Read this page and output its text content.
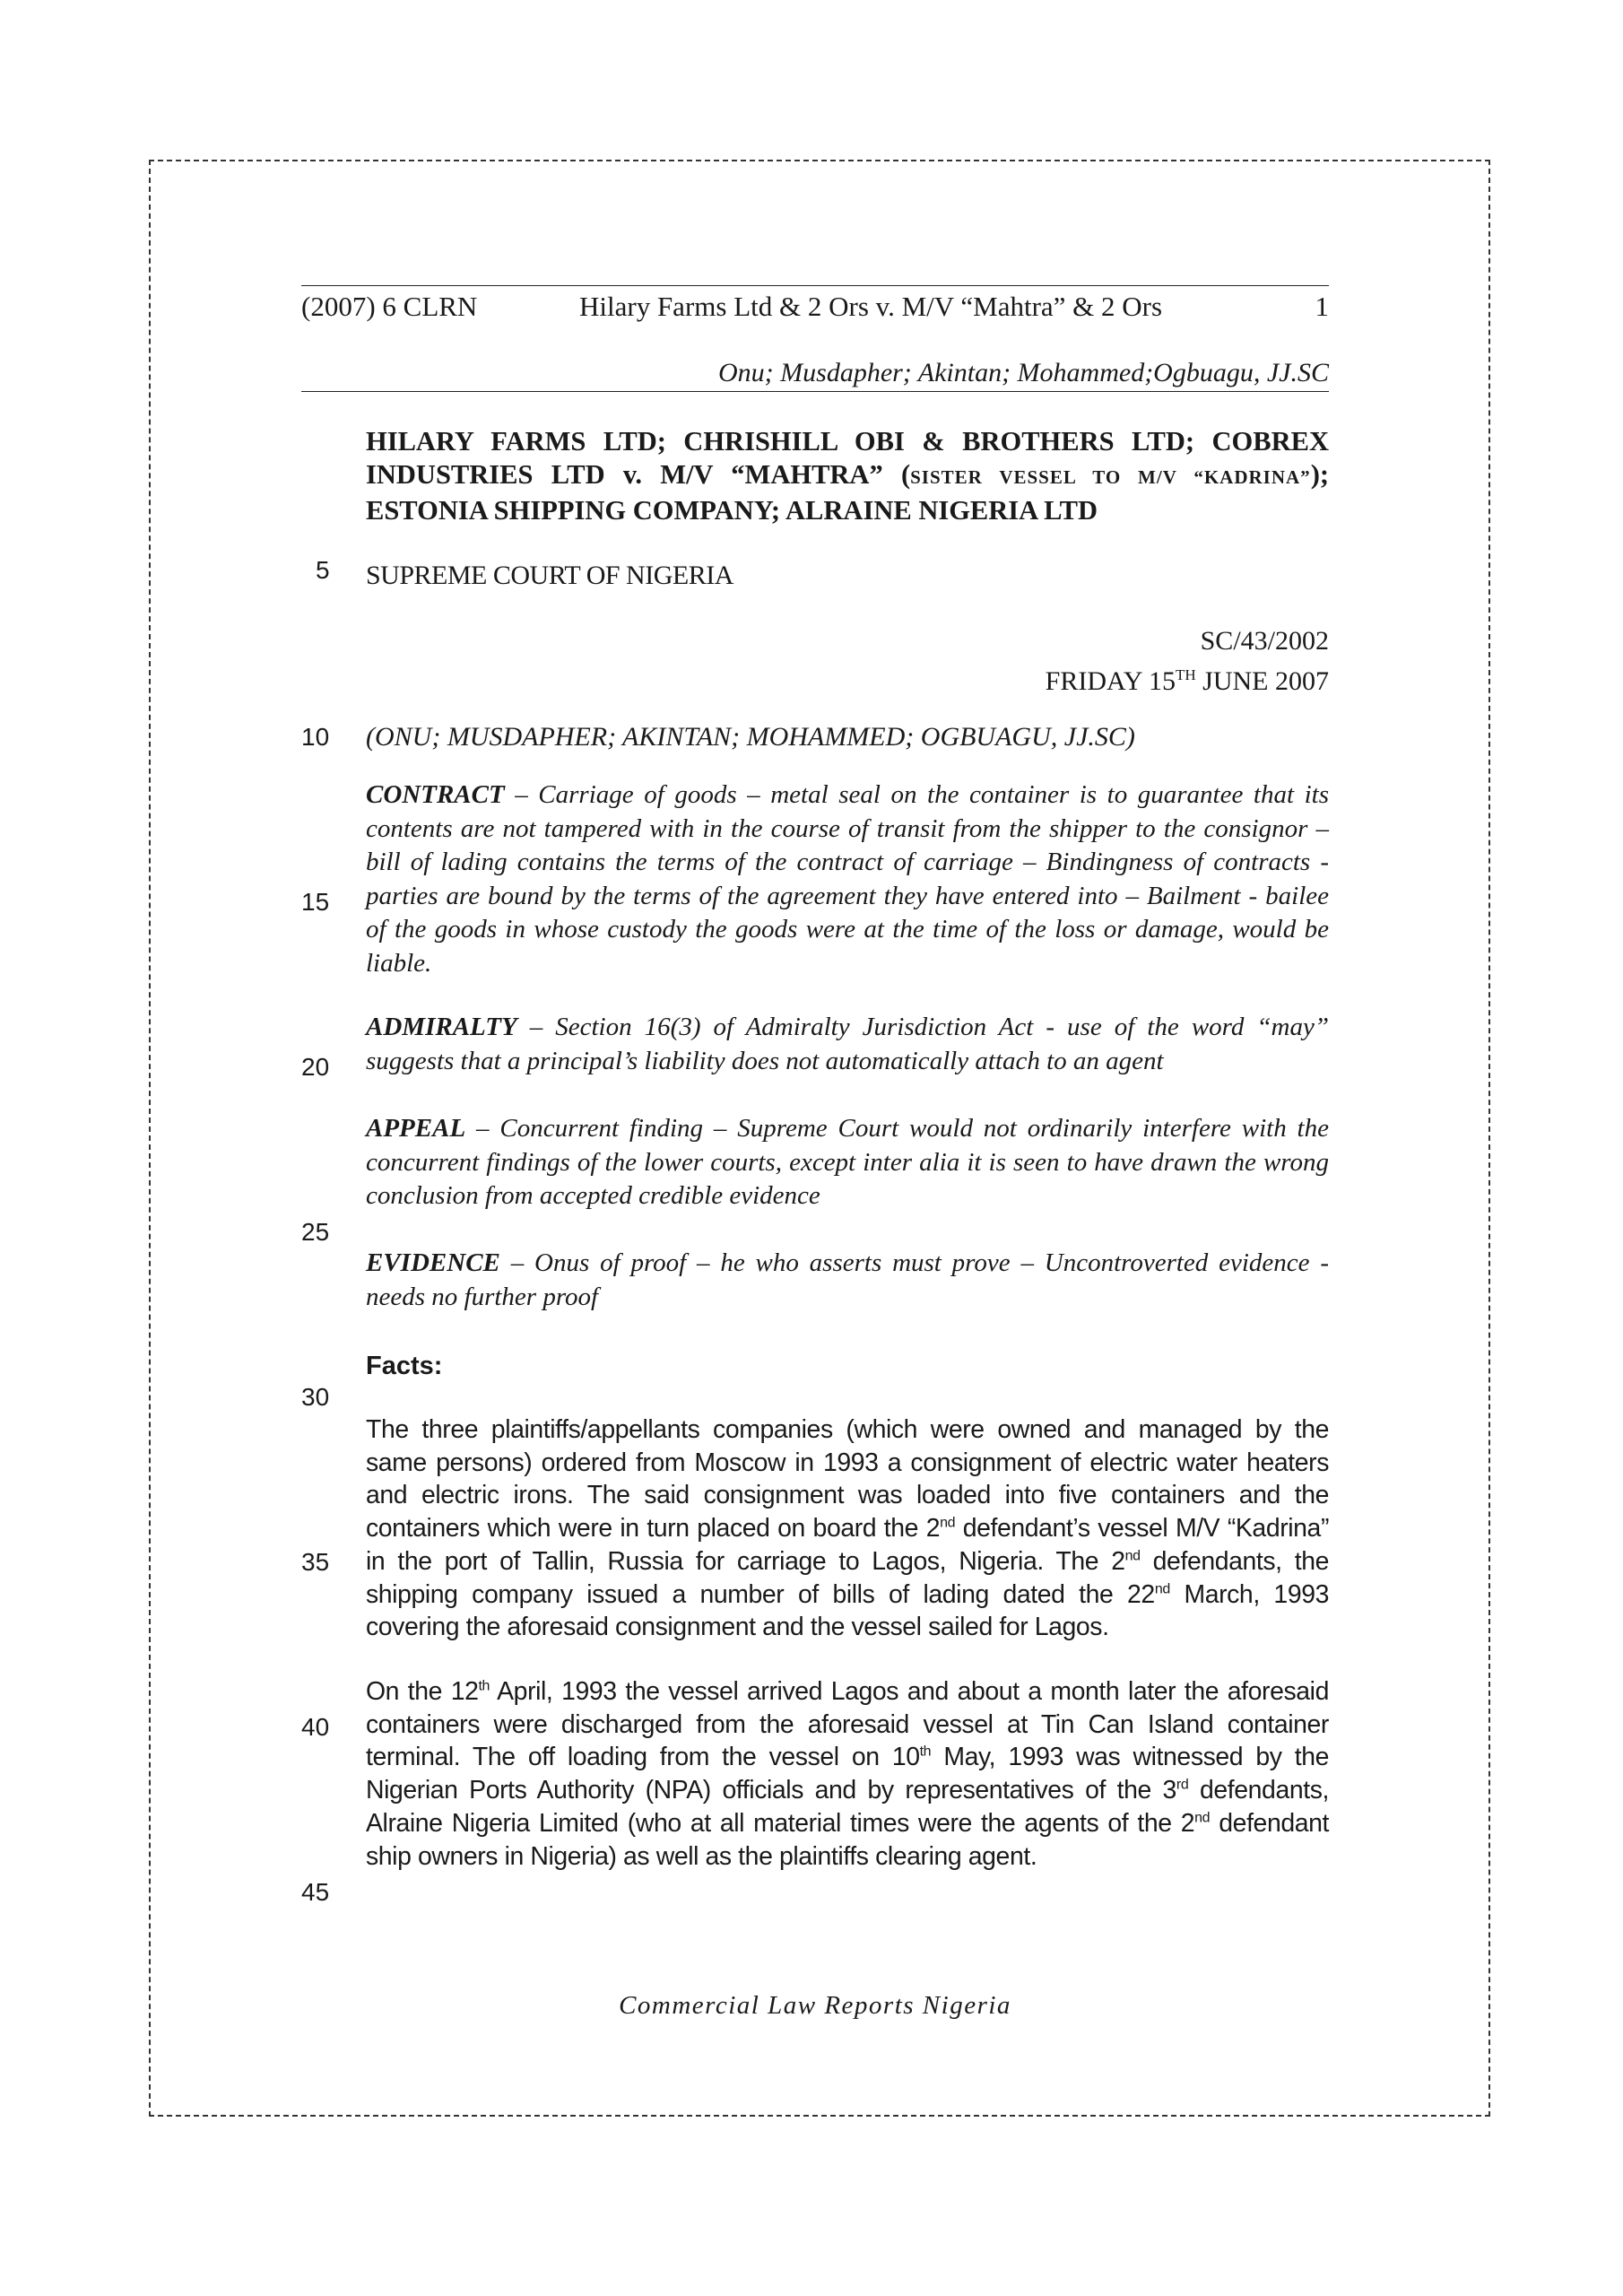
(2007) 6 CLRN	Hilary Farms Ltd & 2 Ors v. M/V “Mahtra” & 2 Ors	1
Onu; Musdapher; Akintan; Mohammed;Ogbuagu, JJ.SC
HILARY FARMS LTD; CHRISHILL OBI & BROTHERS LTD; COBREX INDUSTRIES LTD v. M/V “MAHTRA” (SISTER VESSEL TO M/V “KADRINA”); ESTONIA SHIPPING COMPANY; ALRAINE NIGERIA LTD
SUPREME COURT OF NIGERIA
SC/43/2002
FRIDAY 15TH JUNE 2007
(ONU; MUSDAPHER; AKINTAN; MOHAMMED; OGBUAGU, JJ.SC)
CONTRACT – Carriage of goods – metal seal on the container is to guarantee that its contents are not tampered with in the course of transit from the shipper to the consignor – bill of lading contains the terms of the contract of carriage – Bindingness of contracts - parties are bound by the terms of the agreement they have entered into – Bailment - bailee of the goods in whose custody the goods were at the time of the loss or damage, would be liable.
ADMIRALTY – Section 16(3) of Admiralty Jurisdiction Act - use of the word “may” suggests that a principal’s liability does not automatically attach to an agent
APPEAL – Concurrent finding – Supreme Court would not ordinarily interfere with the concurrent findings of the lower courts, except inter alia it is seen to have drawn the wrong conclusion from accepted credible evidence
EVIDENCE – Onus of proof – he who asserts must prove – Uncontroverted evidence - needs no further proof
Facts:
The three plaintiffs/appellants companies (which were owned and managed by the same persons) ordered from Moscow in 1993 a consignment of electric water heaters and electric irons. The said consignment was loaded into five containers and the containers which were in turn placed on board the 2nd defendant’s vessel M/V “Kadrina” in the port of Tallin, Russia for carriage to Lagos, Nigeria. The 2nd defendants, the shipping company issued a number of bills of lading dated the 22nd March, 1993 covering the aforesaid consignment and the vessel sailed for Lagos.
On the 12th April, 1993 the vessel arrived Lagos and about a month later the aforesaid containers were discharged from the aforesaid vessel at Tin Can Island container terminal. The off loading from the vessel on 10th May, 1993 was witnessed by the Nigerian Ports Authority (NPA) officials and by representatives of the 3rd defendants, Alraine Nigeria Limited (who at all material times were the agents of the 2nd defendant ship owners in Nigeria) as well as the plaintiffs clearing agent.
5
10
15
20
25
30
35
40
45
Commercial Law Reports Nigeria
